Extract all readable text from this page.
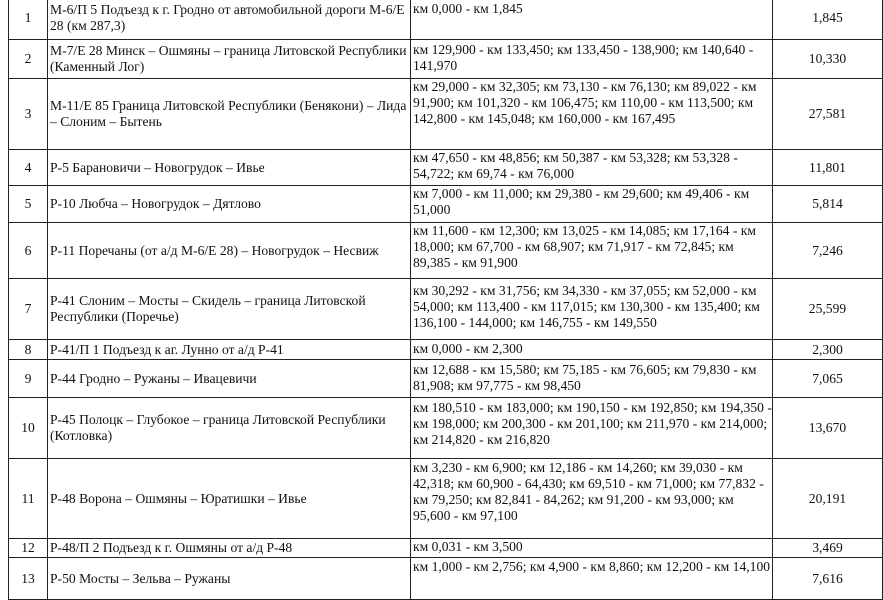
1	М-6/П 5 Подъезд к г. Гродно от автомобильной дороги М-6/Е 28 (км 287,3)	км 0,000 - км 1,845	1,845
2	М-7/Е 28 Минск – Ошмяны – граница Литовской Республики (Каменный Лог)	км 129,900 - км 133,450; км 133,450 - 138,900; км 140,640 - 141,970	10,330
3	М-11/Е 85 Граница Литовской Республики (Бенякони) – Лида – Слоним – Бытень	км 29,000 - км 32,305; км 73,130 - км 76,130; км 89,022 - км 91,900; км 101,320 - км 106,475; км 110,00 - км 113,500; км 142,800 - км 145,048; км 160,000 - км 167,495	27,581
4	Р-5 Барановичи – Новогрудок – Ивье	км 47,650 - км 48,856; км 50,387 - км 53,328; км 53,328 - 54,722; км 69,74 - км 76,000	11,801
5	Р-10 Любча – Новогрудок – Дятлово	км 7,000 - км 11,000; км 29,380 - км 29,600; км 49,406 - км 51,000	5,814
6	Р-11 Поречаны (от а/д М-6/Е 28) – Новогрудок – Несвиж	км 11,600 - км 12,300; км 13,025 - км 14,085; км 17,164 - км 18,000; км 67,700 - км 68,907; км 71,917 - км 72,845; км 89,385 - км 91,900	7,246
7	Р-41 Слоним – Мосты – Скидель – граница Литовской Республики (Поречье)	км 30,292 - км 31,756; км 34,330 - км 37,055; км 52,000 - км 54,000; км 113,400 - км 117,015; км 130,300 - км 135,400; км 136,100 - 144,000; км 146,755 - км 149,550	25,599
8	Р-41/П 1 Подъезд к аг. Лунно от а/д Р-41	км 0,000 - км 2,300	2,300
9	Р-44 Гродно – Ружаны – Ивацевичи	км 12,688 - км 15,580; км 75,185 - км 76,605; км 79,830 - км 81,908; км 97,775 - км 98,450	7,065
10	Р-45 Полоцк – Глубокое – граница Литовской Республики (Котловка)	км 180,510 - км 183,000; км 190,150 - км 192,850; км 194,350 - км 198,000; км 200,300 - км 201,100; км 211,970 - км 214,000; км 214,820 - км 216,820	13,670
11	Р-48 Ворона – Ошмяны – Юратишки – Ивье	км 3,230 - км 6,900; км 12,186 - км 14,260; км 39,030 - км 42,318; км 60,900 - 64,430; км 69,510 - км 71,000; км 77,832 - км 79,250; км 82,841 - 84,262; км 91,200 - км 93,000; км 95,600 - км 97,100	20,191
12	Р-48/П 2 Подъезд к г. Ошмяны от а/д Р-48	км 0,031 - км 3,500	3,469
13	Р-50 Мосты – Зельва – Ружаны	км 1,000 - км 2,756; км 4,900 - км 8,860; км 12,200 - км 14,100	7,616
